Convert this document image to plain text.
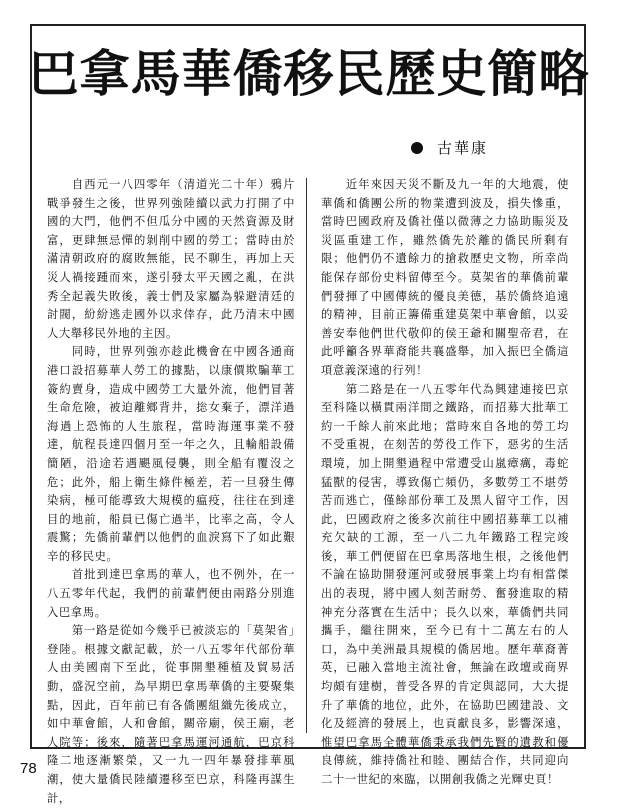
巴拿馬華僑移民歷史簡略
古華康

自西元一八四零年（清道光二十年）鴉片戰爭發生之後，世界列強陸續以武力打開了中國的大門，他們不但瓜分中國的天然資源及財富，更肆無忌憚的剝削中國的勞工；當時由於滿清朝政府的腐敗無能，民不聊生，再加上天災人禍接踵而來，遂引發太平天國之亂，在洪秀全起義失敗後，義士們及家屬為躲避清廷的討閥，紛紛逃走國外以求倖存，此乃清末中國人大舉移民外地的主因。

同時，世界列強亦趁此機會在中國各通商港口設招募華人勞工的據點，以康價欺騙華工簽約賣身，造成中國勞工大量外流，他們冒著生命危險，被迫離鄉背井，捴女棄子，漂洋過海過上恐怖的人生旅程，當時海運事業不發達，航程長達四個月至一年之久，且輪船設備簡陋，沿途若遇颶風侵襲，則全船有覆沒之危；此外，船上衛生條件極差，若一旦發生傳染病，極可能導致大規模的瘟疫，往往在到達目的地前，船員已傷亡過半，比率之高，令人震驚；先僑前輩們以他們的血淚寫下了如此艱辛的移民史。

首批到達巴拿馬的華人，也不例外，在一八五零年代起，我們的前輩們便由兩路分別進入巴拿馬。

第一路是從如今幾乎已被淡忘的「莫架省」登陸。根據文獻記載，於一八五零年代部份華人由美國南下至此，從事開墾種植及貿易活動，盛況空前，為早期巴拿馬華僑的主要聚集點，因此，百年前已有各僑團組織先後成立，如中華會館，人和會館，關帝廟，侯王廟，老人院等；後來，隨著巴拿馬運河通航，巴京科隆二地逐漸繁榮，又一九一四年暴發排華風潮，使大量僑民陸續遷移至巴京，科隆再謀生計，

近年來因天災不斷及九一年的大地震，使華僑和僑團公所的物業遭到波及，損失慘重，當時巴國政府及僑社僅以微薄之力協助賑災及災區重建工作，雖然僑先於離的僑民所剩有限；他們仍不遺餘力的搶救歷史文物，所幸尚能保存部份史料留傳至今。莫架省的華僑前輩們發揮了中國傳統的優良美德，基於僑終追遠的精神，目前正籌備重建莫架中華會館，以妥善安奉他們世代敬仰的侯王爺和關聖帝君，在此呼籲各界華裔能共襄盛舉，加入振巴全僑這項意義深遠的行列！

第二路是在一八五零年代為興建連接巴京至科隆以橫貫兩洋間之鐵路，而招募大批華工約一千餘人前來此地；當時來自各地的勞工均不受重視，在刻苦的勞役工作下，惡劣的生活環境，加上開墾過程中常遭受山嵐瘴癘，毒蛇猛獸的侵害，導致傷亡頻仍，多數勞工不堪勞苦而逃亡，僅餘部份華工及黑人留守工作，因此，巴國政府之後多次前往中國招募華工以補充欠缺的工源，至一八二九年鐵路工程完竣後，華工們便留在巴拿馬落地生根，之後他們不論在協助開發運河或發展事業上均有相當傑出的表現，將中國人刻苦耐勞、奮發進取的精神充分落實在生活中；長久以來，華僑們共同攜手，繼往開來，至今已有十二萬左右的人口，為中美洲最具規模的僑居地。歷年華裔菁英，已融入當地主流社會，無論在政壇或商界均頗有建樹，普受各界的肯定與認同，大大提升了華僑的地位，此外，在協助巴國建設、文化及經濟的發展上，也貢獻良多，影響深遠，惟望巴拿馬全體華僑秉承我們先賢的遺教和優良傳統，維持僑社和睦、團結合作，共同迎向二十一世紀的來臨，以開創我僑之光輝史頁！

78
